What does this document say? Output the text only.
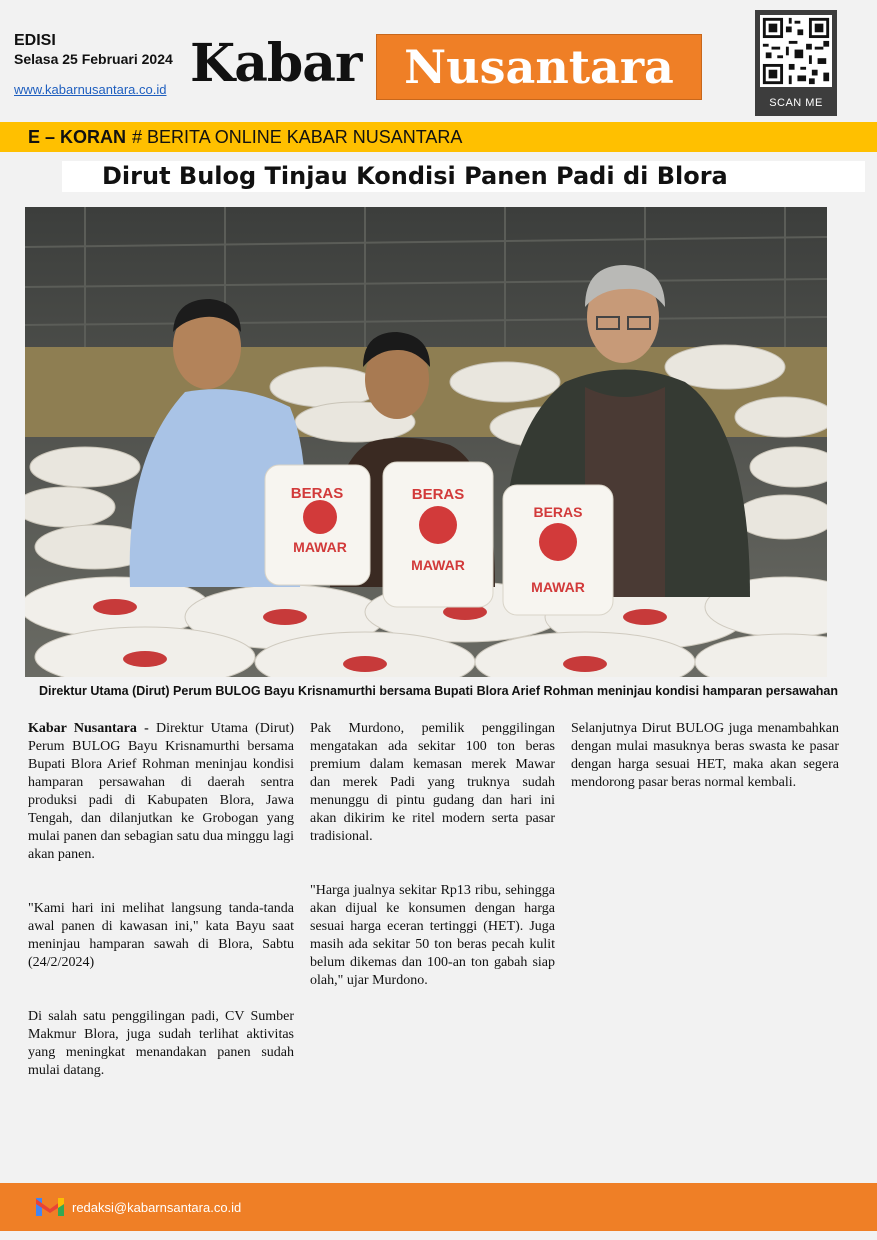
EDISI
Selasa 25 Februari 2024
www.kabarnusantara.co.id Kabar Nusantara
SCAN ME
E – KORAN # BERITA ONLINE KABAR NUSANTARA
Dirut Bulog Tinjau Kondisi Panen Padi di Blora
BERAS
MAWAR
BERAS
MAWAR
BERAS
MAWAR
Direktur Utama (Dirut) Perum BULOG Bayu Krisnamurthi bersama Bupati Blora Arief Rohman meninjau kondisi hamparan persawahan

Kabar Nusantara - Direktur Utama (Dirut) Perum BULOG Bayu Krisnamurthi bersama Bupati Blora Arief Rohman meninjau kondisi hamparan persawahan di daerah sentra produksi padi di Kabupaten Blora, Jawa Tengah, dan dilanjutkan ke Grobogan yang mulai panen dan sebagian satu dua minggu lagi akan panen.

"Kami hari ini melihat langsung tanda-tanda awal panen di kawasan ini," kata Bayu saat meninjau hamparan sawah di Blora, Sabtu (24/2/2024)

Di salah satu penggilingan padi, CV Sumber Makmur Blora, juga sudah terlihat aktivitas yang meningkat menandakan panen sudah mulai datang.

Pak Murdono, pemilik penggilingan mengatakan ada sekitar 100 ton beras premium dalam kemasan merek Mawar dan merek Padi yang truknya sudah menunggu di pintu gudang dan hari ini akan dikirim ke ritel modern serta pasar tradisional.

"Harga jualnya sekitar Rp13 ribu, sehingga akan dijual ke konsumen dengan harga sesuai harga eceran tertinggi (HET). Juga masih ada sekitar 50 ton beras pecah kulit belum dikemas dan 100-an ton gabah siap olah," ujar Murdono.

Selanjutnya Dirut BULOG juga menambahkan dengan mulai masuknya beras swasta ke pasar dengan harga sesuai HET, maka akan segera mendorong pasar beras normal kembali.

redaksi@kabarnsantara.co.id
